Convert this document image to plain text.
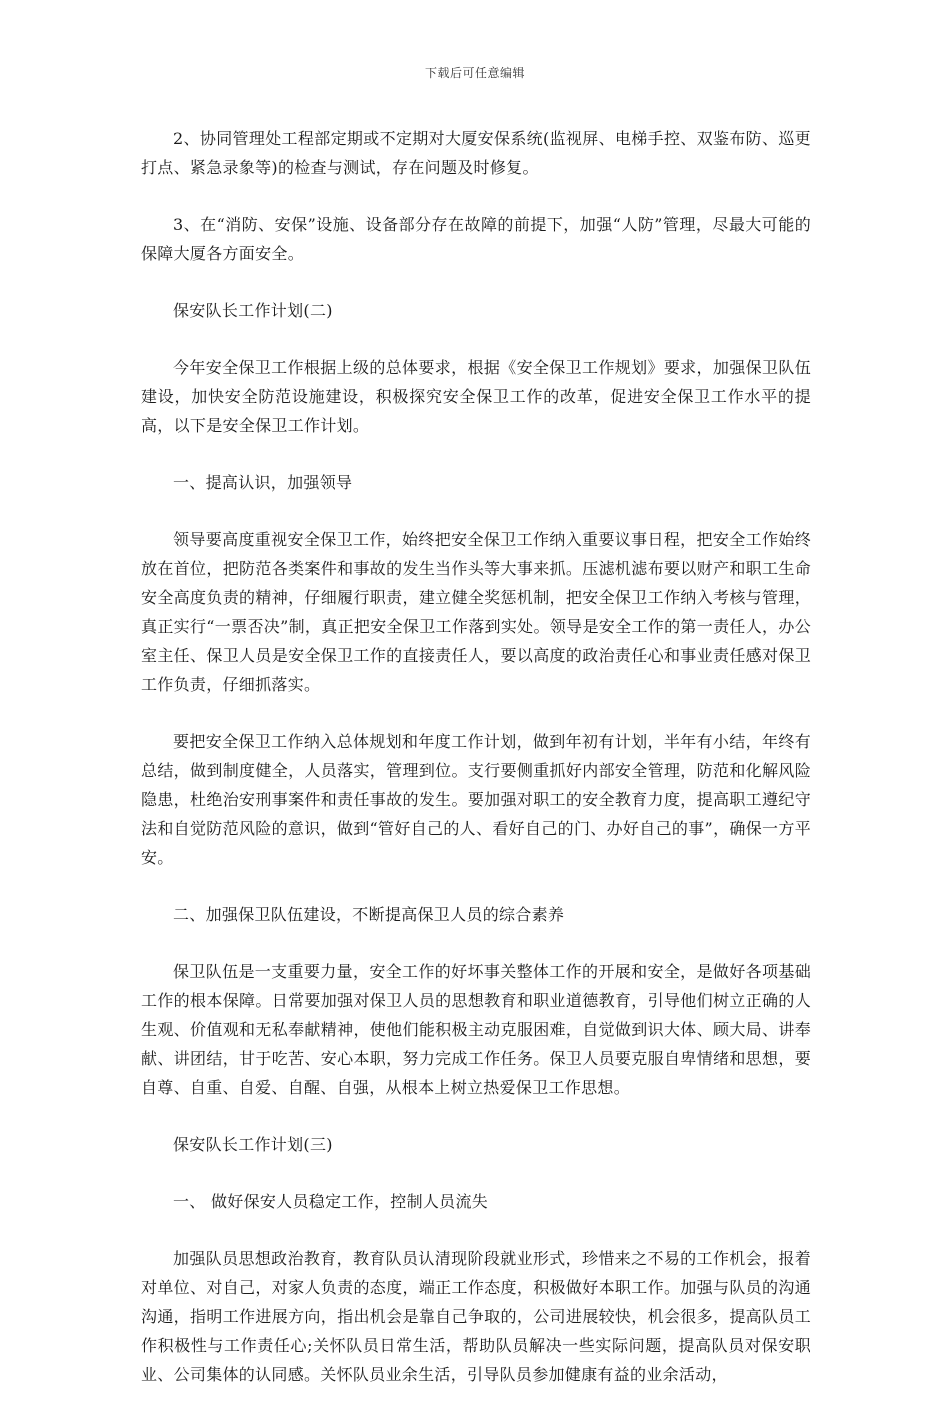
下载后可任意编辑

2、协同管理处工程部定期或不定期对大厦安保系统(监视屏、电梯手控、双鉴布防、巡更打点、紧急录象等)的检查与测试，存在问题及时修复。

3、在“消防、安保”设施、设备部分存在故障的前提下，加强“人防”管理，尽最大可能的保障大厦各方面安全。

保安队长工作计划(二)

今年安全保卫工作根据上级的总体要求，根据《安全保卫工作规划》要求，加强保卫队伍建设，加快安全防范设施建设，积极探究安全保卫工作的改革，促进安全保卫工作水平的提高，以下是安全保卫工作计划。

一、提高认识，加强领导

领导要高度重视安全保卫工作，始终把安全保卫工作纳入重要议事日程，把安全工作始终放在首位，把防范各类案件和事故的发生当作头等大事来抓。压滤机滤布要以财产和职工生命安全高度负责的精神，仔细履行职责，建立健全奖惩机制，把安全保卫工作纳入考核与管理，真正实行“一票否决”制，真正把安全保卫工作落到实处。领导是安全工作的第一责任人，办公室主任、保卫人员是安全保卫工作的直接责任人，要以高度的政治责任心和事业责任感对保卫工作负责，仔细抓落实。

要把安全保卫工作纳入总体规划和年度工作计划，做到年初有计划，半年有小结，年终有总结，做到制度健全，人员落实，管理到位。支行要侧重抓好内部安全管理，防范和化解风险隐患，杜绝治安刑事案件和责任事故的发生。要加强对职工的安全教育力度，提高职工遵纪守法和自觉防范风险的意识，做到“管好自己的人、看好自己的门、办好自己的事”，确保一方平安。

二、加强保卫队伍建设，不断提高保卫人员的综合素养

保卫队伍是一支重要力量，安全工作的好坏事关整体工作的开展和安全，是做好各项基础工作的根本保障。日常要加强对保卫人员的思想教育和职业道德教育，引导他们树立正确的人生观、价值观和无私奉献精神，使他们能积极主动克服困难，自觉做到识大体、顾大局、讲奉献、讲团结，甘于吃苦、安心本职，努力完成工作任务。保卫人员要克服自卑情绪和思想，要自尊、自重、自爱、自醒、自强，从根本上树立热爱保卫工作思想。

保安队长工作计划(三)

一、 做好保安人员稳定工作，控制人员流失

加强队员思想政治教育，教育队员认清现阶段就业形式，珍惜来之不易的工作机会，报着对单位、对自己，对家人负责的态度，端正工作态度，积极做好本职工作。加强与队员的沟通沟通，指明工作进展方向，指出机会是靠自己争取的，公司进展较快，机会很多，提高队员工作积极性与工作责任心;关怀队员日常生活，帮助队员解决一些实际问题，提高队员对保安职业、公司集体的认同感。关怀队员业余生活，引导队员参加健康有益的业余活动，
